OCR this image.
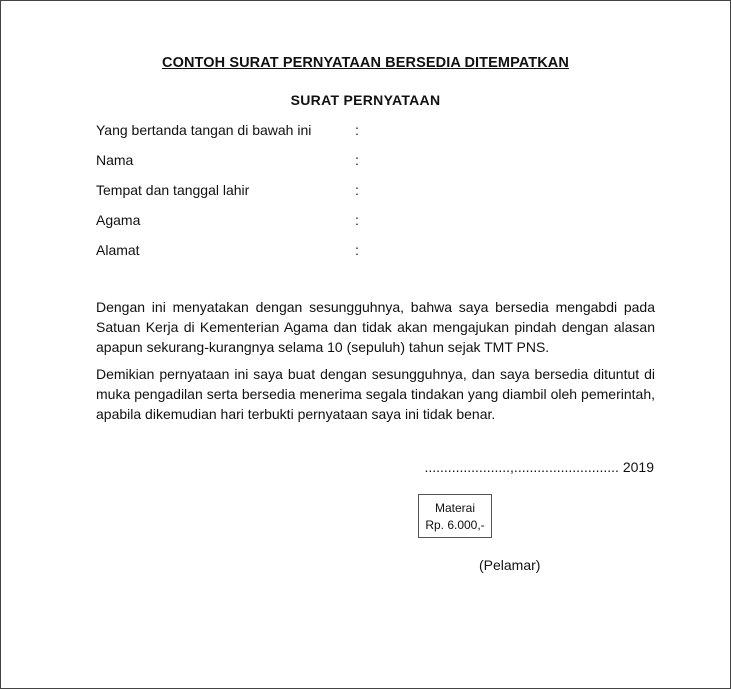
CONTOH SURAT PERNYATAAN BERSEDIA DITEMPATKAN
SURAT PERNYATAAN
Yang bertanda tangan di bawah ini	:
Nama	:
Tempat dan tanggal lahir	:
Agama	:
Alamat	:

Dengan ini menyatakan dengan sesungguhnya, bahwa saya bersedia mengabdi pada Satuan Kerja di Kementerian Agama dan tidak akan mengajukan pindah dengan alasan apapun sekurang-kurangnya selama 10 (sepuluh) tahun sejak TMT PNS.

Demikian pernyataan ini saya buat dengan sesungguhnya, dan saya bersedia dituntut di muka pengadilan serta bersedia menerima segala tindakan yang diambil oleh pemerintah, apabila dikemudian hari terbukti pernyataan saya ini tidak benar.

......................,........................... 2019
Materai
Rp. 6.000,-
(Pelamar)
